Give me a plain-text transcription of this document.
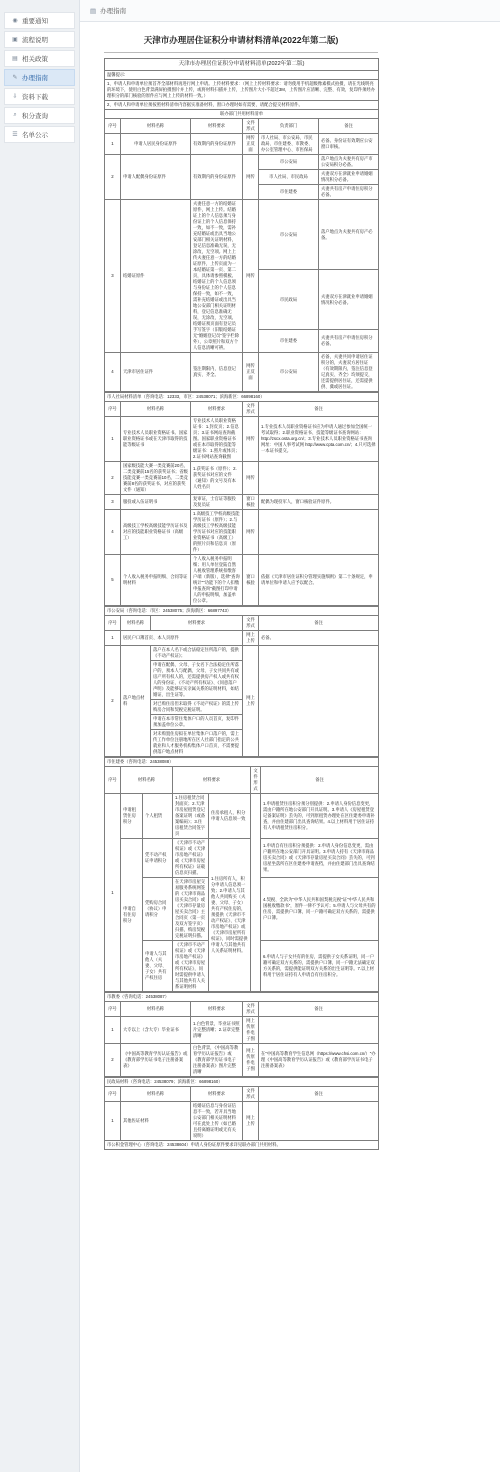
◉ 重要通知
▣ 流程说明
▤ 相关政策
✎ 办理指南
⇩ 资料下载
⌕ 积分查询
☰ 名单公示
▤ 办理指南
天津市办理居住证积分申请材料清单(2022年第二版)
天津市办理居住证积分申请材料清单(2022年第二版)					
温馨提示:					
1、申请人和申请单位须首齐全部材料再进行网上申请。上传材料要求：（网上上传材料要求：请勿使用手机超级像素模式拍摄，请在光线明亮的环境下，使用白色背景满屏拍摄图片并上传，或将材料扫描并上传，上传图片大小不超过3M，上传图片应清晰、完整、有效，复印件须经办理积分的部门核验的原件应与网上上传的材料一致。）					
2、申请人和申请单位须按照材料清单内容据实准备材料，窗口办理时如有需要，请配合提交材料原件。					
联办部门共用材料清单					
序号	材料名称	材料要求	文件形式	负责部门	备注
1	申请人居民身份证原件	有效期内的身份证原件	网传正反面	市人社局、市公安局、市民政局、市住建委、市教委、办公室管理中心、市医保局	必备。身份证有效期应公安窗口审核。
2	申请人配偶身份证原件	有效期内的身份证原件	网传	市公安局	落户地点为夫妻共有房产市公安局积分必备。
				市人社局、市民政局	夫妻双方在津就业申请婚姻情况积分必备。
				市住建委	夫妻共有房产申请住房积分必备。
3	结婚证原件	夫妻任意一方的结婚证原件，网上上传。结婚证上的个人信息须与身份证上的个人信息保持一致，如不一致，需补充结婚证或出具当地公安部门相关证明材料，登记信息准确无误，无涂改，无空项。网上上传夫妻任意一方的结婚证原件，上传页面为一本结婚证第一页、第二页，具体请参照模板。结婚证上的个人信息须与身份证上的个人信息保持一致，如不一致，需补充结婚证或出具当地公安部门相关证明材料，登记信息准确无误，无涂改，无空项。结婚证须页面有登记员手写签字（旧版结婚证无"婚姻登记员"签字栏除外），公章照片和双方个人信息清晰可辨。	网传	市公安局	落户地点为夫妻共有房产必备。
				市民政局	夫妻双方在津就业申请婚姻情况积分必备。
				市住建委	夫妻共有房产申请住房积分必备。
4	天津市居住证件	签注期限内，信息登记真实、齐全。	网传正反面	市公安局	必备，夫妻共同申请居住证积分的，夫妻双方居住证（有效期限内，签注信息登记真实、齐全）均须提交，还需提供居住证，还需提供供、冀或居住证。
市人社局材料清单（咨询电话：12333，市区：24538071；滨海新区：66898160）				
序号	材料名称	材料要求	文件形式	备注
1	专业技术人员职业资格证书。国家职业资格证书或在天津市取得的技能等级证书	专业技术人员职业资格证书：1.封皮页；2.信息页；3.证书网站查询截图。国家职业资格证书或在本市取得的技能等级证书：1.照片或体页；2.证书网站查询截图	网传	1.专业技术人员职业资格证书应为申请人通过参加全国统一考试取得；2.职业资格证书、技能等级证书查询网站：http://zscx.osta.org.cn/；3.专业技术人员职业资格证书查询网址：中国人事考试网 http://www.cpta.com.cn/；4.只可选择一本证书提交。
2	国家级技能大赛一类竞赛前20名、二类竞赛前15名的获奖证书；省级技能竞赛一类竞赛前10名、二类竞赛前8名的获奖证书，对应的获奖文件（通知）	1.获奖证书（原件）；2.获奖证书对应的文件（通知）的文号及有本人姓名页	网传	
3	服役或入伍证明书	复审证，士官证等服役及复员证	窗口核验	配偶为现役军人，窗口核验证件原件。
4	高级技工学校高级技能学历证书及对应的技能职业资格证书（高级工）	1.高级技工学校高级技能学历证书（原件）；2.与高级技工学校高级技能学历证书对应的技能职业资格证书（高级工）的照片页和信息页（原件）	网传	
5	个人收入税务申报明细、合同等证明材料	个人收入税务申报明细；用人单位登陆自然人税收管理系统扣缴客户端（新版），选择"查询统计""功能下的个人扣缴申报查询"截图打印申请人的申报明细，加盖单位公章。	窗口核验	依据《天津市居住证积分管理实施细则》第二十条规定，申请单位和申请人应予以配合。
市公安局（咨询电话：市区：24538075；滨海新区：66897743）				
序号	材料名称	材料要求	文件形式	备注
1	居民户口簿首页、本人页原件		网上上传	必备。
2	落户地点材料	落户在本人名下或合法稳定住所落户的，提供《不动产权证》；	网上上传	
		申请在配偶、父母、子女名下合法稳定住所落户的，须本人与配偶、父母、子女共同共有或房产所有权人的，还需提供房产权人或共有权人的身份证、《不动产所有权证》、《同意落户声明》及能够证实亲属关系的证明材料，如结婚证、出生证等。		
		对已购住房但未取得《不动产权证》的需上传购房合同和契税完税证明。		
		申请在本市常住集体户口的人员首页，复印件须加盖单位公章。		
		对未购置住房拟在单位集体户口落户的，需上传工作单位注册地所在区人社部门指定的公共就业和人才服务机构集体户口首页，不需要提供落户地点材料		
市住建委（咨询电话：24538088）						
序号	材料名称		材料要求		文件形式	备注
1	申请租赁住房积分	个人租赁	1.住房租赁合同封面页；2.天津市房屋租赁登记备案证明（或备案编码）；3.住房租赁合同签字页	住房承租人、积分申请人信息须一致		1.申请租赁住房积分须分别提供：2.申请人身份信息变更，需由户籍所在地公安部门开具证明。3.申请人《房屋租赁登记备案证明》丢失的，可到原租赁办理处在区住建委申请补查，并由住建部门出具查询结果。4.以上材料用于居住证持有人申请租赁住房积分。
	申请自有住房积分	凭不动产权证申请积分	《天津市不动产权证》或《天津市房地产权证》或《天津市房屋所有权证》证载信息页扫描。	1.住房所有人，积分申请人信息须一致；2.申请人与其他人共同购买（夫妻、父母、子女）共有产权住房的，须提供《天津市不动产权证》、《天津市房地产权证》或《天津市房屋所有权证》，同时需提供申请人与其他共有人关系证明材料。		1.申请自有住房积分须提供：2.申请人身份信息变更，需由户籍所在地公安部门开具证明。3.申请人持有《天津市商品房买卖合同》或《天津市存量房屋买卖合同》丢失的，可到房屋坐落所在区住建委申请查档，并由住建部门出具查询结果。
		凭购房合同（协议）申请积分	在天津市房屋交易服务系统网签的《天津市商品房买卖合同》或《天津市存量房屋买卖合同》主合同页（第一页及双方签字页）扫描，购房契税完税证明扫描。			4.契税、全款为"中华人民共和国契税完税"证"中华人民共和国税收缴款书"，原件一律不予认可；5.申请人与父母共有的住房，需提供户口簿，同一户籍可确定双方关系的，需提供户口簿。
		申请人与其他人（夫妻、父母、子女）共有产权住房	《天津市不动产权证》或《天津市房地产权证》或《天津市房屋所有权证》，同时需提供申请人与其他共有人关系证明材料			6.申请人与子女共有的住房，需提供子女关系证明，同一户籍可确定双方关系的，需提供户口簿，同一户籍无法确定双方关系的，需提供能证明双方关系的出生证明等。7.以上材料用于居住证持有人申请自有住房积分。
市教委（咨询电话：24538087）				
序号	材料名称	材料要求	文件形式	备注
1	大专以上（含大专）毕业证书	1.白色背景，毕业证书照片完整清晰；2.证章完整清晰	网上传原件电子图	
2	《中国高等教育学历认证报告》或《教育部学历证书电子注册备案表》	白色背景，《中国高等教育学历认证报告》或《教育部学历证书电子注册备案表》图片完整清晰	网上传原件电子图	在"中国高等教育学生信息网（https://www.chsi.com.cn/）"办理《中国高等教育学历认证报告》或《教育部学历证书电子注册备案表》
民政局材料（咨询电话：24538079；滨海新区：66898160）				
序号	材料名称	材料要求	文件形式	备注
1	其他佐证材料	结婚证信息与身份证信息不一致，若开具当地公安部门相关证明材料可在此处上传（如已婚且持离婚证明或无有关说明）	网上上传	
市公积金管理中心（咨询电话：24538604）申请人身份证原件要求详见联办部门共用材料。				
